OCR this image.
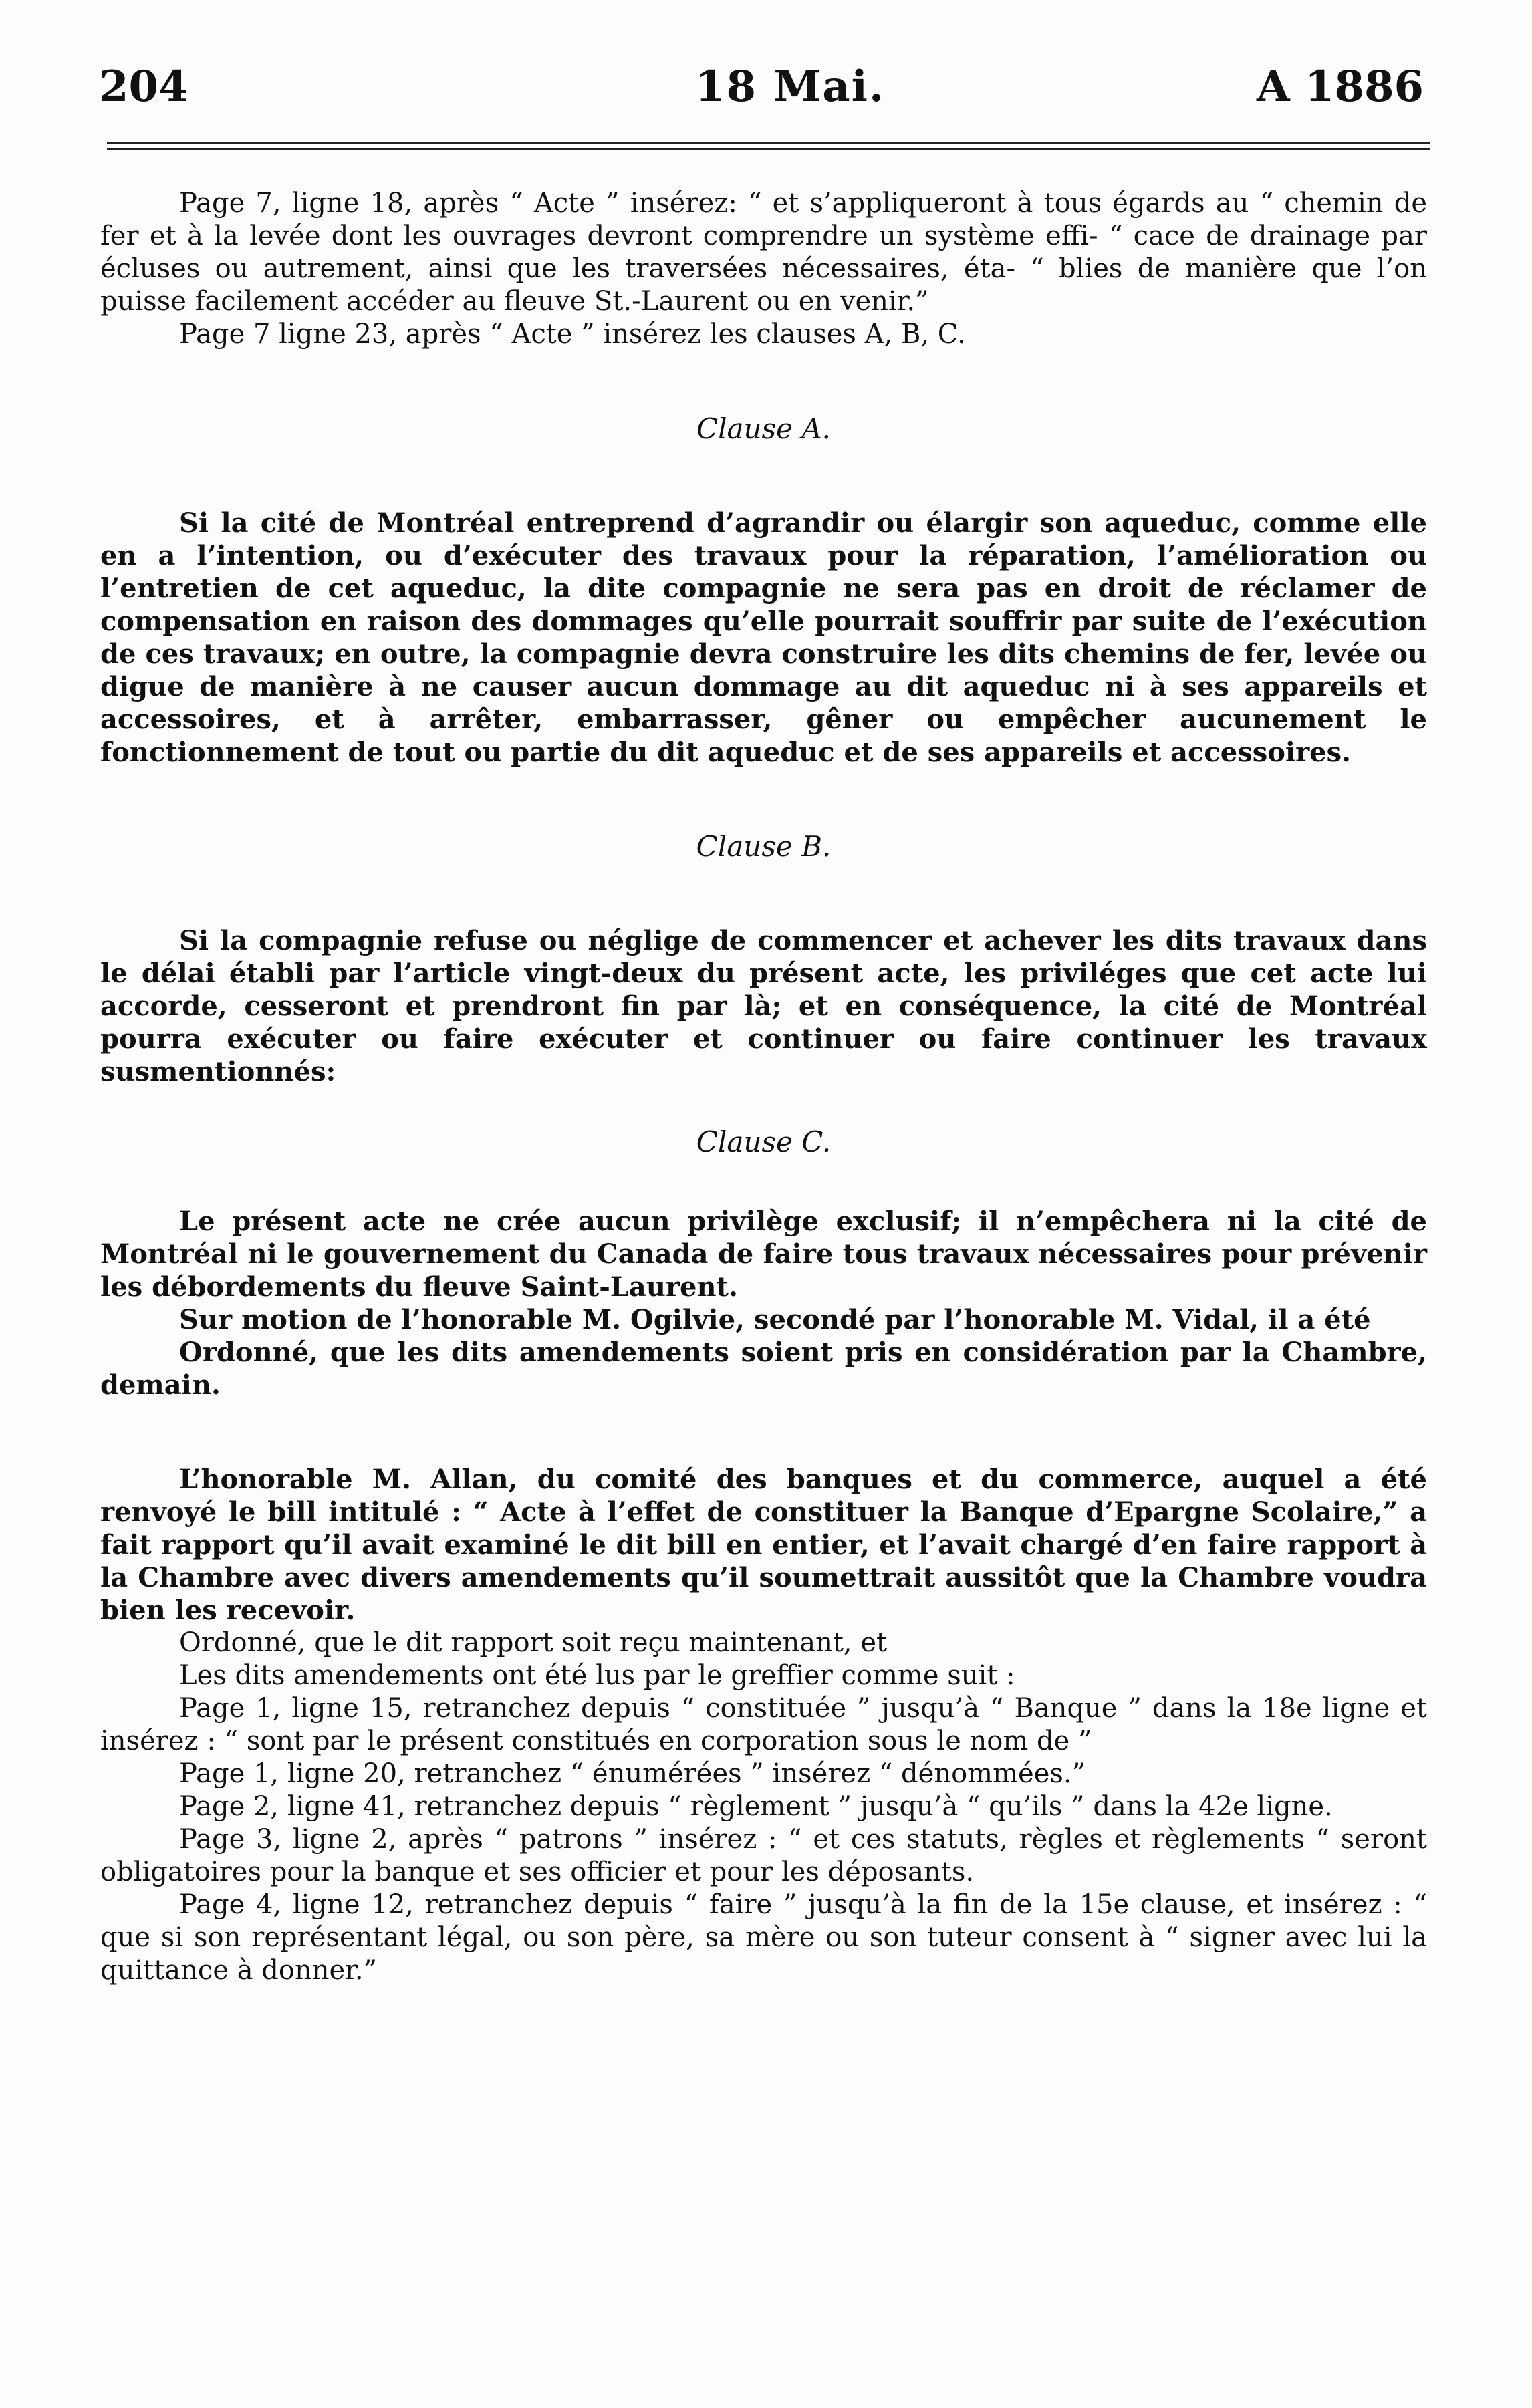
204	18 Mai.	A 1886

Page 7, ligne 18, après “ Acte ” insérez: “ et s’appliqueront à tous égards au “ chemin de fer et à la levée dont les ouvrages devront comprendre un système effi- “ cace de drainage par écluses ou autrement, ainsi que les traversées nécessaires, éta- “ blies de manière que l’on puisse facilement accéder au fleuve St.-Laurent ou en venir.”

Page 7 ligne 23, après “ Acte ” insérez les clauses A, B, C.

Clause A.

Si la cité de Montréal entreprend d’agrandir ou élargir son aqueduc, comme elle en a l’intention, ou d’exécuter des travaux pour la réparation, l’amélioration ou l’entretien de cet aqueduc, la dite compagnie ne sera pas en droit de réclamer de compensation en raison des dommages qu’elle pourrait souffrir par suite de l’exécution de ces travaux; en outre, la compagnie devra construire les dits chemins de fer, levée ou digue de manière à ne causer aucun dommage au dit aqueduc ni à ses appareils et accessoires, et à arrêter, embarrasser, gêner ou empêcher aucunement le fonctionnement de tout ou partie du dit aqueduc et de ses appareils et accessoires.

Clause B.

Si la compagnie refuse ou néglige de commencer et achever les dits travaux dans le délai établi par l’article vingt-deux du présent acte, les priviléges que cet acte lui accorde, cesseront et prendront fin par là; et en conséquence, la cité de Montréal pourra exécuter ou faire exécuter et continuer ou faire continuer les travaux susmentionnés:

Clause C.

Le présent acte ne crée aucun privilège exclusif; il n’empêchera ni la cité de Montréal ni le gouvernement du Canada de faire tous travaux nécessaires pour prévenir les débordements du fleuve Saint-Laurent.

Sur motion de l’honorable M. Ogilvie, secondé par l’honorable M. Vidal, il a été

Ordonné, que les dits amendements soient pris en considération par la Chambre, demain.

L’honorable M. Allan, du comité des banques et du commerce, auquel a été renvoyé le bill intitulé : “ Acte à l’effet de constituer la Banque d’Epargne Scolaire,” a fait rapport qu’il avait examiné le dit bill en entier, et l’avait chargé d’en faire rapport à la Chambre avec divers amendements qu’il soumettrait aussitôt que la Chambre voudra bien les recevoir.

Ordonné, que le dit rapport soit reçu maintenant, et

Les dits amendements ont été lus par le greffier comme suit :

Page 1, ligne 15, retranchez depuis “ constituée ” jusqu’à “ Banque ” dans la 18e ligne et insérez : “ sont par le présent constitués en corporation sous le nom de ”

Page 1, ligne 20, retranchez “ énumérées ” insérez “ dénommées.”

Page 2, ligne 41, retranchez depuis “ règlement ” jusqu’à “ qu’ils ” dans la 42e ligne.

Page 3, ligne 2, après “ patrons ” insérez : “ et ces statuts, règles et règlements “ seront obligatoires pour la banque et ses officier et pour les déposants.

Page 4, ligne 12, retranchez depuis “ faire ” jusqu’à la fin de la 15e clause, et insérez : “ que si son représentant légal, ou son père, sa mère ou son tuteur consent à “ signer avec lui la quittance à donner.”
